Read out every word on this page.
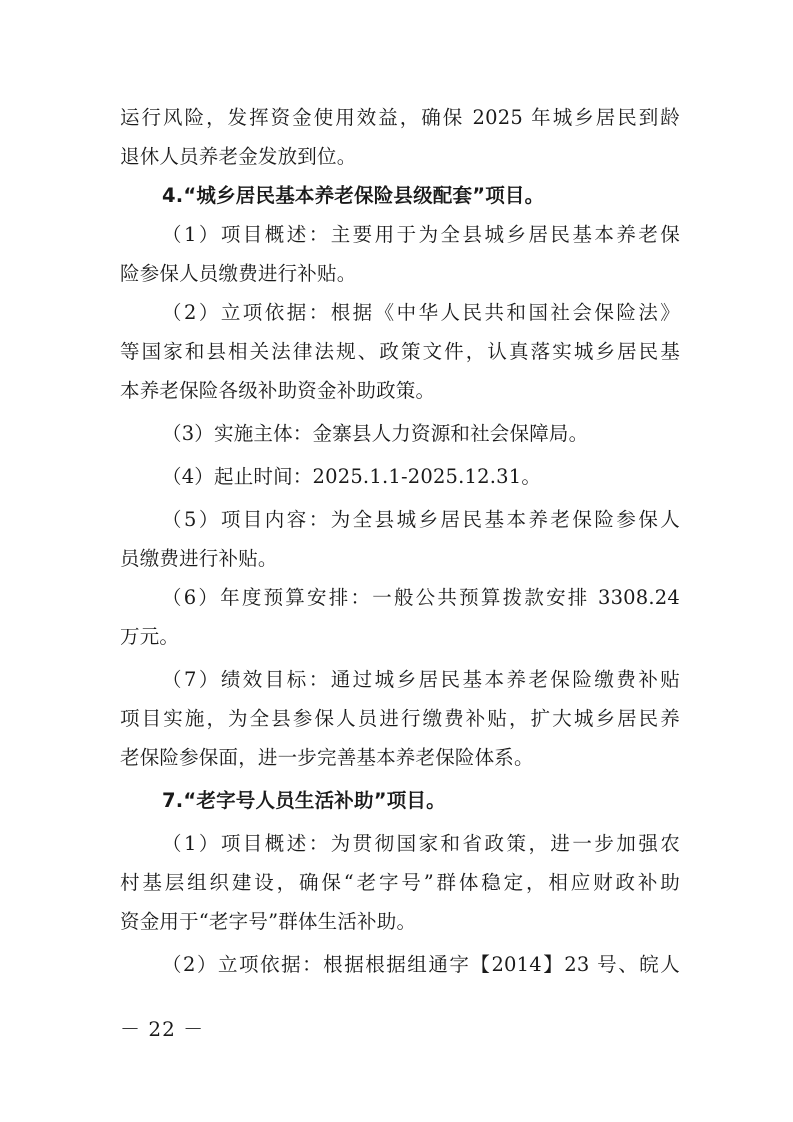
运行风险，发挥资金使用效益，确保 2025 年城乡居民到龄
退休人员养老金发放到位。
4.“城乡居民基本养老保险县级配套”项目。
（1）项目概述：主要用于为全县城乡居民基本养老保
险参保人员缴费进行补贴。
（2）立项依据：根据《中华人民共和国社会保险法》
等国家和县相关法律法规、政策文件，认真落实城乡居民基
本养老保险各级补助资金补助政策。
（3）实施主体：金寨县人力资源和社会保障局。
（4）起止时间：2025.1.1-2025.12.31。
（5）项目内容：为全县城乡居民基本养老保险参保人
员缴费进行补贴。
（6）年度预算安排：一般公共预算拨款安排 3308.24
万元。
（7）绩效目标：通过城乡居民基本养老保险缴费补贴
项目实施，为全县参保人员进行缴费补贴，扩大城乡居民养
老保险参保面，进一步完善基本养老保险体系。
7.“老字号人员生活补助”项目。
（1）项目概述：为贯彻国家和省政策，进一步加强农
村基层组织建设，确保“老字号”群体稳定，相应财政补助
资金用于“老字号”群体生活补助。
（2）立项依据：根据根据组通字【2014】23 号、皖人
－ 22 －
